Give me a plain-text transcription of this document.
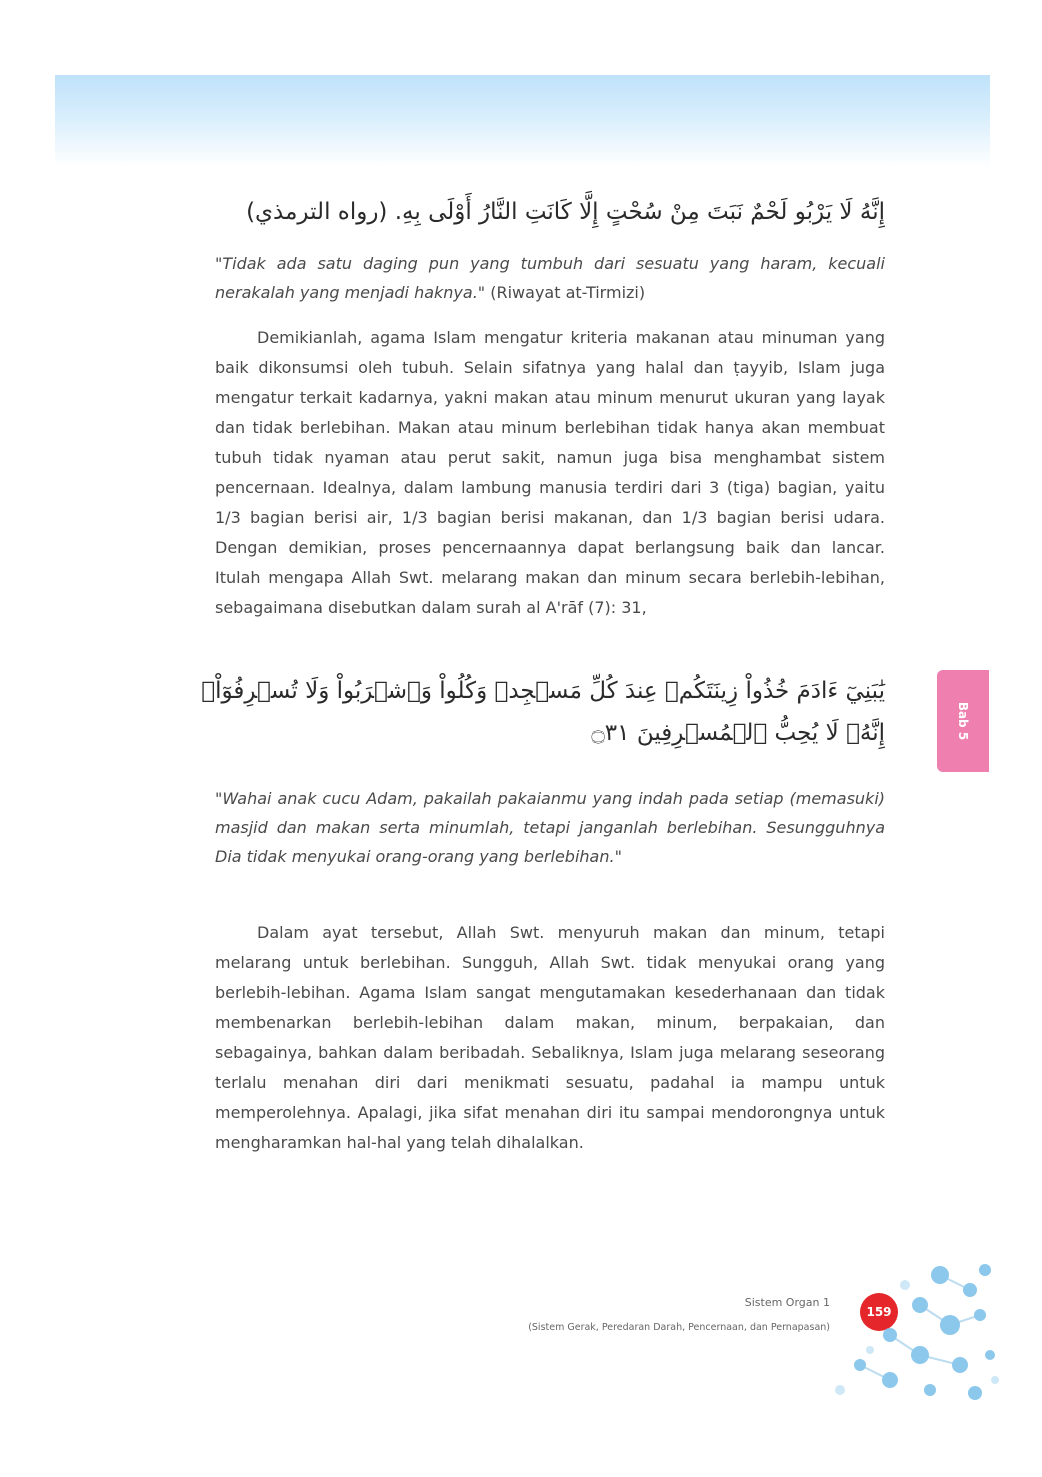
إِنَّهُ لَا يَرْبُو لَحْمٌ نَبَتَ مِنْ سُحْتٍ إِلَّا كَانَتِ النَّارُ أَوْلَى بِهِ. (رواه الترمذي)
"Tidak ada satu daging pun yang tumbuh dari sesuatu yang haram, kecuali nerakalah yang menjadi haknya." (Riwayat at-Tirmizi)

Demikianlah, agama Islam mengatur kriteria makanan atau minuman yang baik dikonsumsi oleh tubuh. Selain sifatnya yang halal dan ṭayyib, Islam juga mengatur terkait kadarnya, yakni makan atau minum menurut ukuran yang layak dan tidak berlebihan. Makan atau minum berlebihan tidak hanya akan membuat tubuh tidak nyaman atau perut sakit, namun juga bisa menghambat sistem pencernaan. Idealnya, dalam lambung manusia terdiri dari 3 (tiga) bagian, yaitu 1/3 bagian berisi air, 1/3 bagian berisi makanan, dan 1/3 bagian berisi udara. Dengan demikian, proses pencernaannya dapat berlangsung baik dan lancar. Itulah mengapa Allah Swt. melarang makan dan minum secara berlebih-lebihan, sebagaimana disebutkan dalam surah al A'rāf (7): 31,

يَٰبَنِيٓ ءَادَمَ خُذُواْ زِينَتَكُمۡ عِندَ كُلِّ مَسۡجِدٖ وَكُلُواْ وَٱشۡرَبُواْ وَلَا تُسۡرِفُوٓاْۚ إِنَّهُۥ لَا يُحِبُّ ٱلۡمُسۡرِفِينَ ۝٣١
"Wahai anak cucu Adam, pakailah pakaianmu yang indah pada setiap (memasuki) masjid dan makan serta minumlah, tetapi janganlah berlebihan. Sesungguhnya Dia tidak menyukai orang-orang yang berlebihan."

Dalam ayat tersebut, Allah Swt. menyuruh makan dan minum, tetapi melarang untuk berlebihan. Sungguh, Allah Swt. tidak menyukai orang yang berlebih-lebihan. Agama Islam sangat mengutamakan kesederhanaan dan tidak membenarkan berlebih-lebihan dalam makan, minum, berpakaian, dan sebagainya, bahkan dalam beribadah. Sebaliknya, Islam juga melarang seseorang terlalu menahan diri dari menikmati sesuatu, padahal ia mampu untuk memperolehnya. Apalagi, jika sifat menahan diri itu sampai mendorongnya untuk mengharamkan hal-hal yang telah dihalalkan.

Bab 5
Sistem Organ 1
(Sistem Gerak, Peredaran Darah, Pencernaan, dan Pernapasan)
159
